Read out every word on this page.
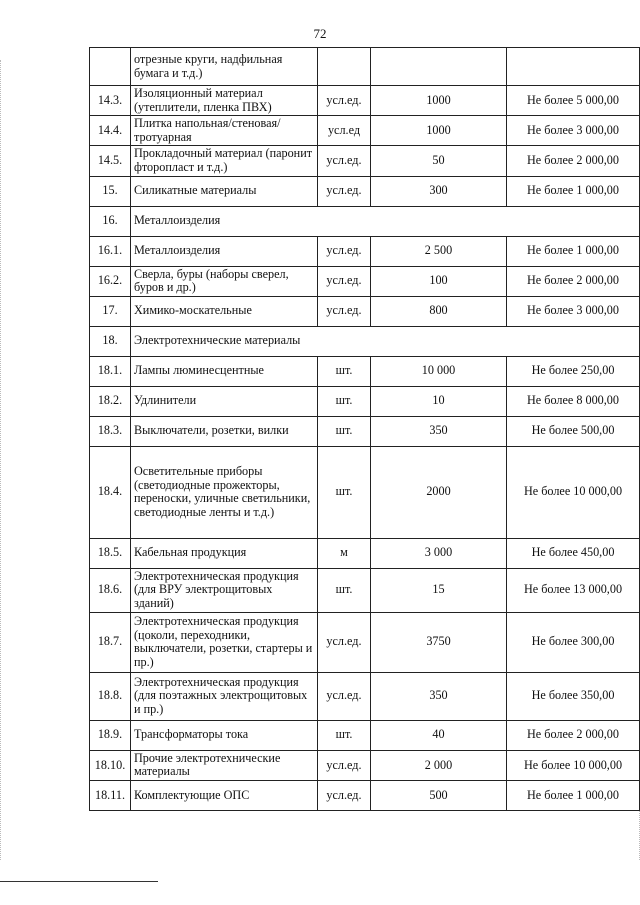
72
	отрезные круги, надфильная бумага и т.д.)			
14.3.	Изоляционный материал (утеплители, пленка ПВХ)	усл.ед.	1000	Не более 5 000,00
14.4.	Плитка напольная/стеновая/тротуарная	усл.ед	1000	Не более 3 000,00
14.5.	Прокладочный материал (паронит фторопласт и т.д.)	усл.ед.	50	Не более 2 000,00
15.	Силикатные материалы	усл.ед.	300	Не более 1 000,00
16.	Металлоизделия			
16.1.	Металлоизделия	усл.ед.	2 500	Не более 1 000,00
16.2.	Сверла, буры (наборы сверел, буров и др.)	усл.ед.	100	Не более 2 000,00
17.	Химико-москательные	усл.ед.	800	Не более 3 000,00
18.	Электротехнические материалы			
18.1.	Лампы люминесцентные	шт.	10 000	Не более 250,00
18.2.	Удлинители	шт.	10	Не более 8 000,00
18.3.	Выключатели, розетки, вилки	шт.	350	Не более 500,00
18.4.	Осветительные приборы (светодиодные прожекторы, переноски, уличные светильники, светодиодные ленты и т.д.)	шт.	2000	Не более 10 000,00
18.5.	Кабельная продукция	м	3 000	Не более 450,00
18.6.	Электротехническая продукция (для ВРУ электрощитовых зданий)	шт.	15	Не более 13 000,00
18.7.	Электротехническая продукция (цоколи, переходники, выключатели, розетки, стартеры и пр.)	усл.ед.	3750	Не более 300,00
18.8.	Электротехническая продукция (для поэтажных электрощитовых и пр.)	усл.ед.	350	Не более 350,00
18.9.	Трансформаторы тока	шт.	40	Не более 2 000,00
18.10.	Прочие электротехнические материалы	усл.ед.	2 000	Не более 10 000,00
18.11.	Комплектующие ОПС	усл.ед.	500	Не более 1 000,00
